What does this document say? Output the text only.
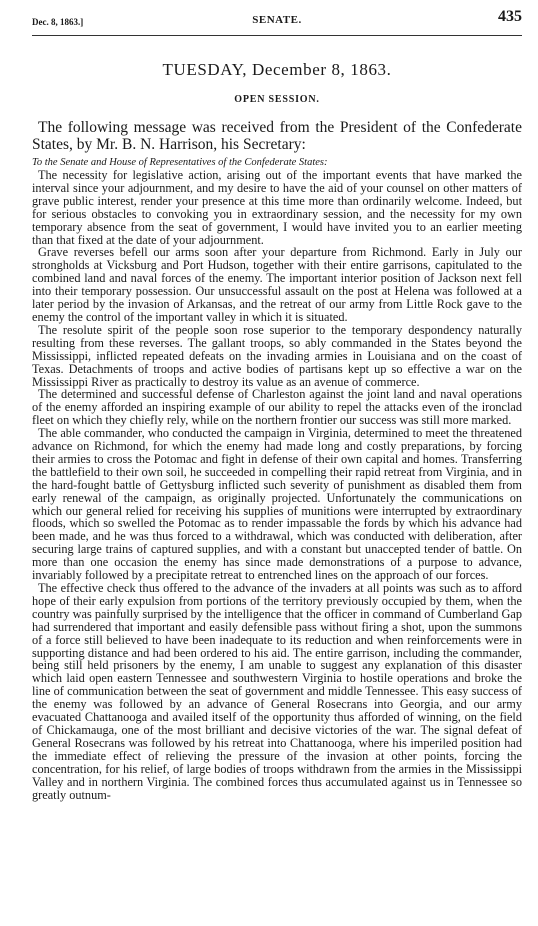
Dec. 8, 1863.]	SENATE.	435
TUESDAY, December 8, 1863.
OPEN SESSION.

The following message was received from the President of the Confederate States, by Mr. B. N. Harrison, his Secretary:

To the Senate and House of Representatives of the Confederate States:

The necessity for legislative action, arising out of the important events that have marked the interval since your adjournment, and my desire to have the aid of your counsel on other matters of grave public interest, render your presence at this time more than ordinarily welcome. Indeed, but for serious obstacles to convoking you in extraordinary session, and the necessity for my own temporary absence from the seat of government, I would have invited you to an earlier meeting than that fixed at the date of your adjournment.

Grave reverses befell our arms soon after your departure from Richmond. Early in July our strongholds at Vicksburg and Port Hudson, together with their entire garrisons, capitulated to the combined land and naval forces of the enemy. The important interior position of Jackson next fell into their temporary possession. Our unsuccessful assault on the post at Helena was followed at a later period by the invasion of Arkansas, and the retreat of our army from Little Rock gave to the enemy the control of the important valley in which it is situated.

The resolute spirit of the people soon rose superior to the temporary despondency naturally resulting from these reverses. The gallant troops, so ably commanded in the States beyond the Mississippi, inflicted repeated defeats on the invading armies in Louisiana and on the coast of Texas. Detachments of troops and active bodies of partisans kept up so effective a war on the Mississippi River as practically to destroy its value as an avenue of commerce.

The determined and successful defense of Charleston against the joint land and naval operations of the enemy afforded an inspiring example of our ability to repel the attacks even of the ironclad fleet on which they chiefly rely, while on the northern frontier our success was still more marked.

The able commander, who conducted the campaign in Virginia, determined to meet the threatened advance on Richmond, for which the enemy had made long and costly preparations, by forcing their armies to cross the Potomac and fight in defense of their own capital and homes. Transferring the battlefield to their own soil, he succeeded in compelling their rapid retreat from Virginia, and in the hard-fought battle of Gettysburg inflicted such severity of punishment as disabled them from early renewal of the campaign, as originally projected. Unfortunately the communications on which our general relied for receiving his supplies of munitions were interrupted by extraordinary floods, which so swelled the Potomac as to render impassable the fords by which his advance had been made, and he was thus forced to a withdrawal, which was conducted with deliberation, after securing large trains of captured supplies, and with a constant but unaccepted tender of battle. On more than one occasion the enemy has since made demonstrations of a purpose to advance, invariably followed by a precipitate retreat to entrenched lines on the approach of our forces.

The effective check thus offered to the advance of the invaders at all points was such as to afford hope of their early expulsion from portions of the territory previously occupied by them, when the country was painfully surprised by the intelligence that the officer in command of Cumberland Gap had surrendered that important and easily defensible pass without firing a shot, upon the summons of a force still believed to have been inadequate to its reduction and when reinforcements were in supporting distance and had been ordered to his aid. The entire garrison, including the commander, being still held prisoners by the enemy, I am unable to suggest any explanation of this disaster which laid open eastern Tennessee and southwestern Virginia to hostile operations and broke the line of communication between the seat of government and middle Tennessee. This easy success of the enemy was followed by an advance of General Rosecrans into Georgia, and our army evacuated Chattanooga and availed itself of the opportunity thus afforded of winning, on the field of Chickamauga, one of the most brilliant and decisive victories of the war. The signal defeat of General Rosecrans was followed by his retreat into Chattanooga, where his imperiled position had the immediate effect of relieving the pressure of the invasion at other points, forcing the concentration, for his relief, of large bodies of troops withdrawn from the armies in the Mississippi Valley and in northern Virginia. The combined forces thus accumulated against us in Tennessee so greatly outnum-
